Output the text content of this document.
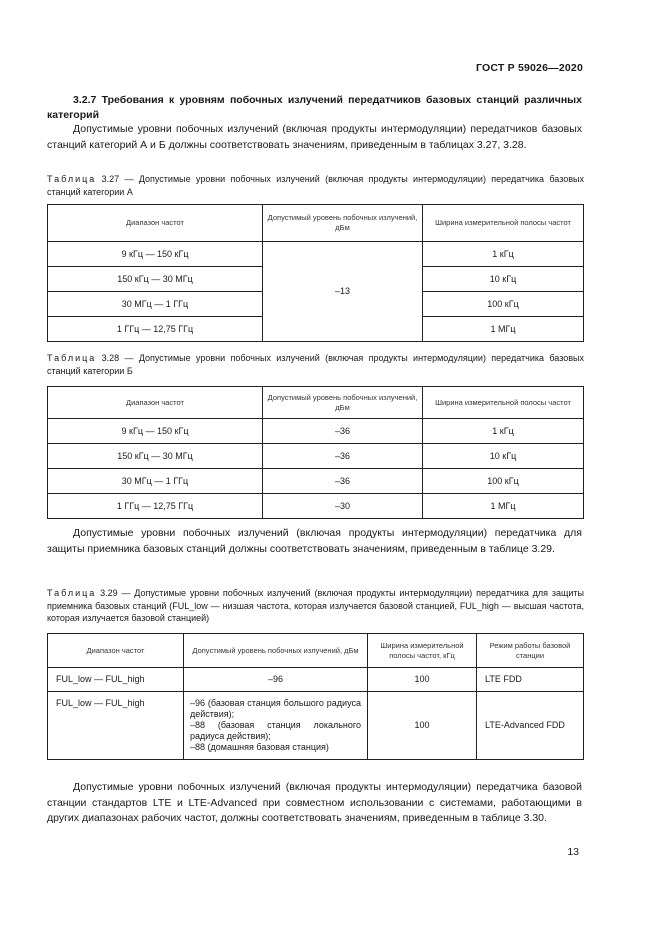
ГОСТ Р 59026—2020
3.2.7 Требования к уровням побочных излучений передатчиков базовых станций различных категорий
Допустимые уровни побочных излучений (включая продукты интермодуляции) передатчиков базовых станций категорий А и Б должны соответствовать значениям, приведенным в таблицах 3.27, 3.28.
Таблица 3.27 — Допустимые уровни побочных излучений (включая продукты интермодуляции) передатчика базовых станций категории А
Диапазон частот	Допустимый уровень побочных излучений, дБм	Ширина измерительной полосы частот
9 кГц — 150 кГц	–13	1 кГц
150 кГц — 30 МГц		10 кГц
30 МГц — 1 ГГц		100 кГц
1 ГГц — 12,75 ГГц		1 МГц
Таблица 3.28 — Допустимые уровни побочных излучений (включая продукты интермодуляции) передатчика базовых станций категории Б
Диапазон частот	Допустимый уровень побочных излучений, дБм	Ширина измерительной полосы частот
9 кГц — 150 кГц	–36	1 кГц
150 кГц — 30 МГц	–36	10 кГц
30 МГц — 1 ГГц	–36	100 кГц
1 ГГц — 12,75 ГГц	–30	1 МГц
Допустимые уровни побочных излучений (включая продукты интермодуляции) передатчика для защиты приемника базовых станций должны соответствовать значениям, приведенным в таблице 3.29.
Таблица 3.29 — Допустимые уровни побочных излучений (включая продукты интермодуляции) передатчика для защиты приемника базовых станций (FUL_low — низшая частота, которая излучается базовой станцией, FUL_high — высшая частота, которая излучается базовой станцией)
Диапазон частот	Допустимый уровень побочных излучений, дБм	Ширина измерительной полосы частот, кГц	Режим работы базовой станции
FUL_low — FUL_high	–96	100	LTE FDD
FUL_low — FUL_high	–96 (базовая станция большого радиуса действия);
–88 (базовая станция локального радиуса действия);
–88 (домашняя базовая станция)	100	LTE-Advanced FDD
Допустимые уровни побочных излучений (включая продукты интермодуляции) передатчика базовой станции стандартов LTE и LTE-Advanced при совместном использовании с системами, работающими в других диапазонах рабочих частот, должны соответствовать значениям, приведенным в таблице 3.30.
13
